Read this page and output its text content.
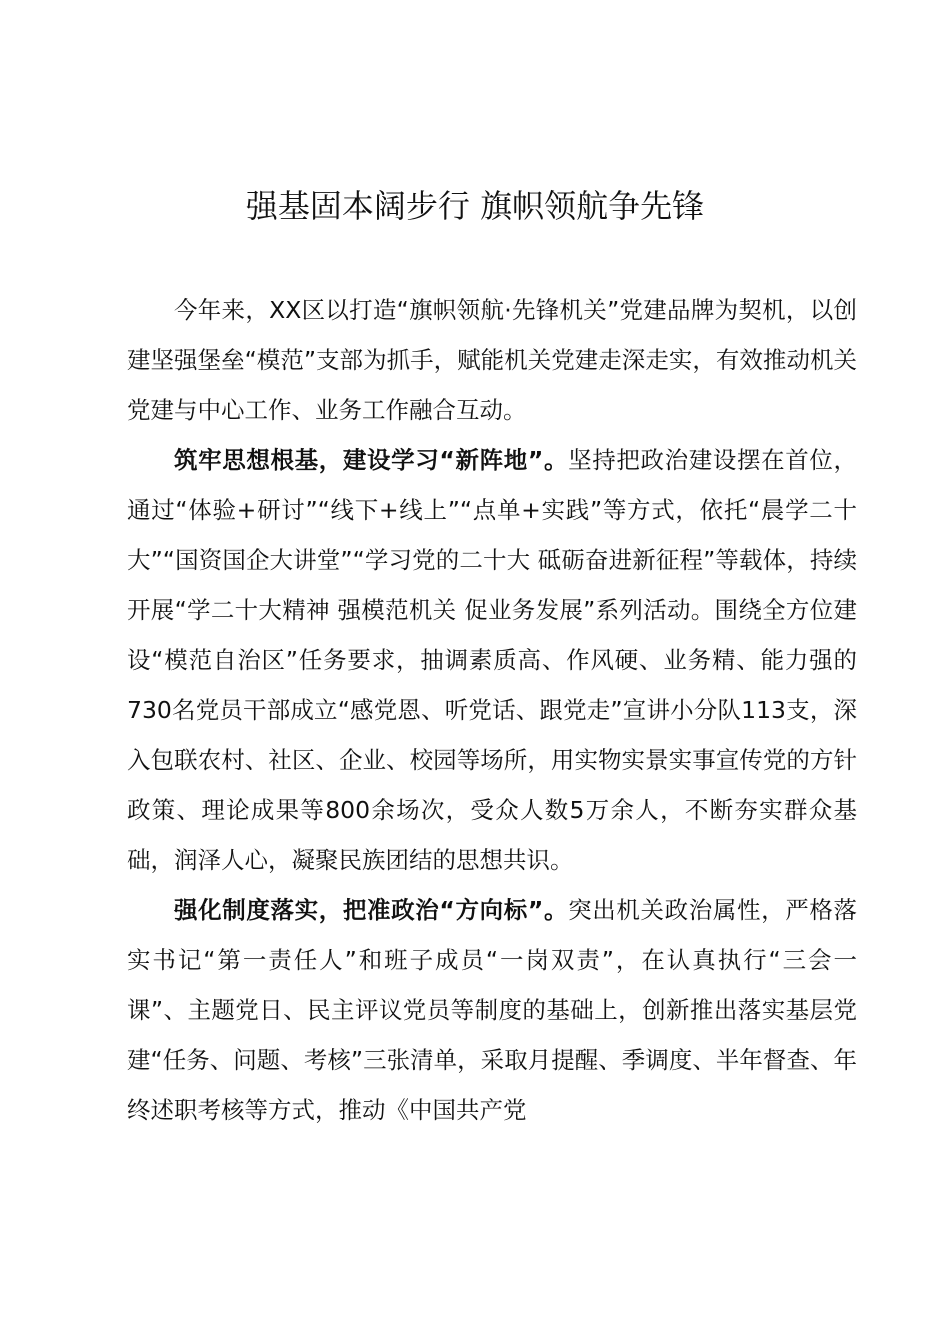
强基固本阔步行 旗帜领航争先锋

今年来，XX区以打造“旗帜领航·先锋机关”党建品牌为契机，以创建坚强堡垒“模范”支部为抓手，赋能机关党建走深走实，有效推动机关党建与中心工作、业务工作融合互动。

筑牢思想根基，建设学习“新阵地”。坚持把政治建设摆在首位，通过“体验+研讨”“线下+线上”“点单+实践”等方式，依托“晨学二十大”“国资国企大讲堂”“学习党的二十大 砥砺奋进新征程”等载体，持续开展“学二十大精神 强模范机关 促业务发展”系列活动。围绕全方位建设“模范自治区”任务要求，抽调素质高、作风硬、业务精、能力强的730名党员干部成立“感党恩、听党话、跟党走”宣讲小分队113支，深入包联农村、社区、企业、校园等场所，用实物实景实事宣传党的方针政策、理论成果等800余场次，受众人数5万余人，不断夯实群众基础，润泽人心，凝聚民族团结的思想共识。

强化制度落实，把准政治“方向标”。突出机关政治属性，严格落实书记“第一责任人”和班子成员“一岗双责”，在认真执行“三会一课”、主题党日、民主评议党员等制度的基础上，创新推出落实基层党建“任务、问题、考核”三张清单，采取月提醒、季调度、半年督查、年终述职考核等方式，推动《中国共产党
